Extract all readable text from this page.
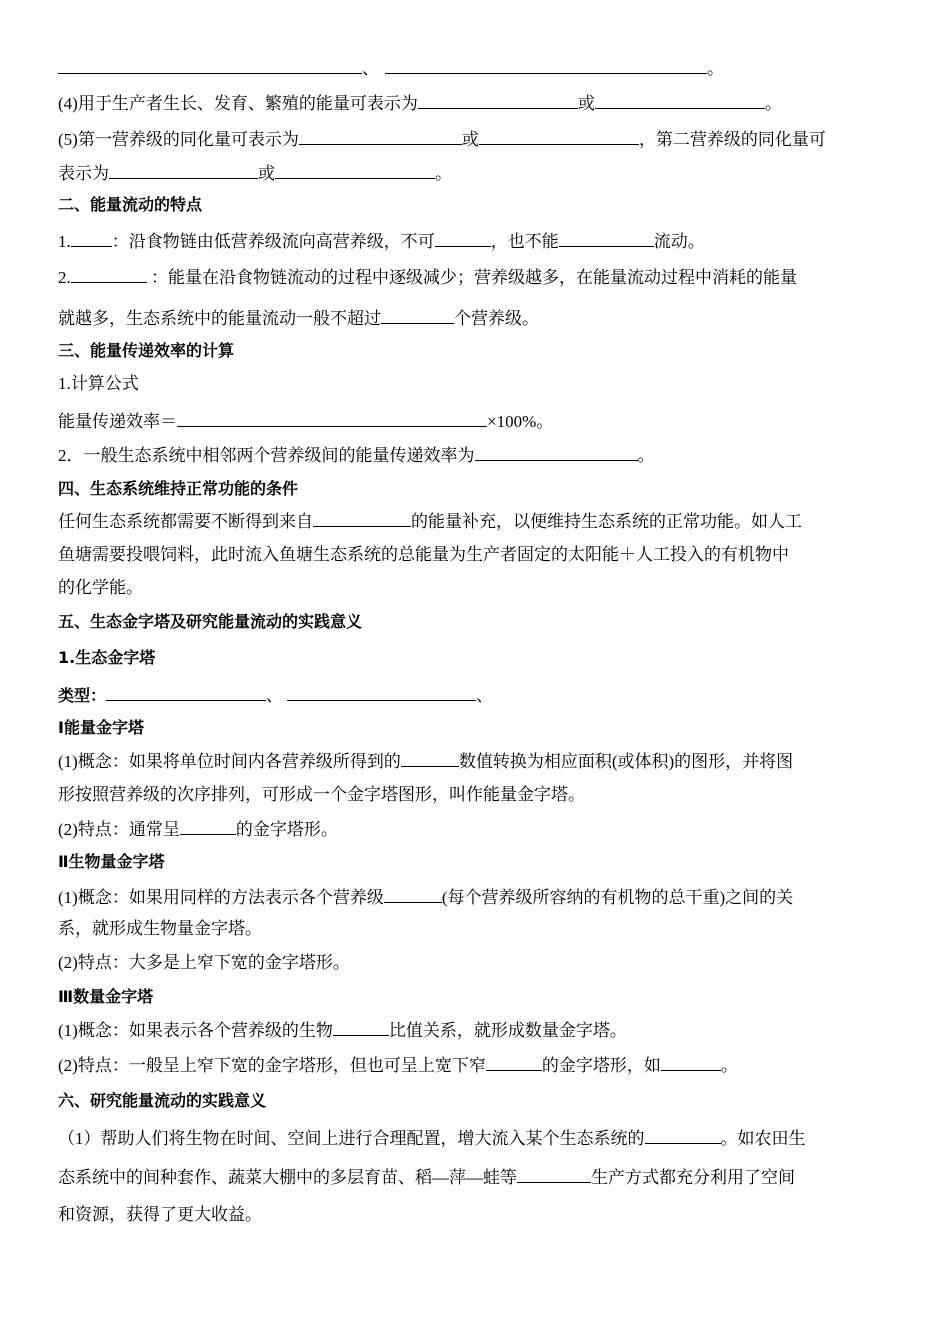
、	。
(4)用于生产者生长、发育、繁殖的能量可表示为	或	。
(5)第一营养级的同化量可表示为	或	，第二营养级的同化量可
表示为	或	。
二、能量流动的特点
1. ：沿食物链由低营养级流向高营养级，不可	，也不能	流动。
2.	：能量在沿食物链流动的过程中逐级减少；营养级越多，在能量流动过程中消耗的能量
就越多，生态系统中的能量流动一般不超过	个营养级。
三、能量传递效率的计算
1.计算公式
能量传递效率＝	×100%。
2．一般生态系统中相邻两个营养级间的能量传递效率为	。
四、生态系统维持正常功能的条件
任何生态系统都需要不断得到来自	的能量补充，以便维持生态系统的正常功能。如人工
鱼塘需要投喂饲料，此时流入鱼塘生态系统的总能量为生产者固定的太阳能＋人工投入的有机物中
的化学能。
五、生态金字塔及研究能量流动的实践意义
1.生态金字塔
类型：	、	、
Ⅰ能量金字塔
(1)概念：如果将单位时间内各营养级所得到的	数值转换为相应面积(或体积)的图形，并将图
形按照营养级的次序排列，可形成一个金字塔图形，叫作能量金字塔。
(2)特点：通常呈	的金字塔形。
Ⅱ生物量金字塔
(1)概念：如果用同样的方法表示各个营养级	(每个营养级所容纳的有机物的总干重)之间的关
系，就形成生物量金字塔。
(2)特点：大多是上窄下宽的金字塔形。
Ⅲ数量金字塔
(1)概念：如果表示各个营养级的生物	比值关系，就形成数量金字塔。
(2)特点：一般呈上窄下宽的金字塔形，但也可呈上宽下窄	的金字塔形，如	。
六、研究能量流动的实践意义
（1）帮助人们将生物在时间、空间上进行合理配置，增大流入某个生态系统的	。如农田生
态系统中的间种套作、蔬菜大棚中的多层育苗、稻—萍—蛙等	生产方式都充分利用了空间
和资源，获得了更大收益。
